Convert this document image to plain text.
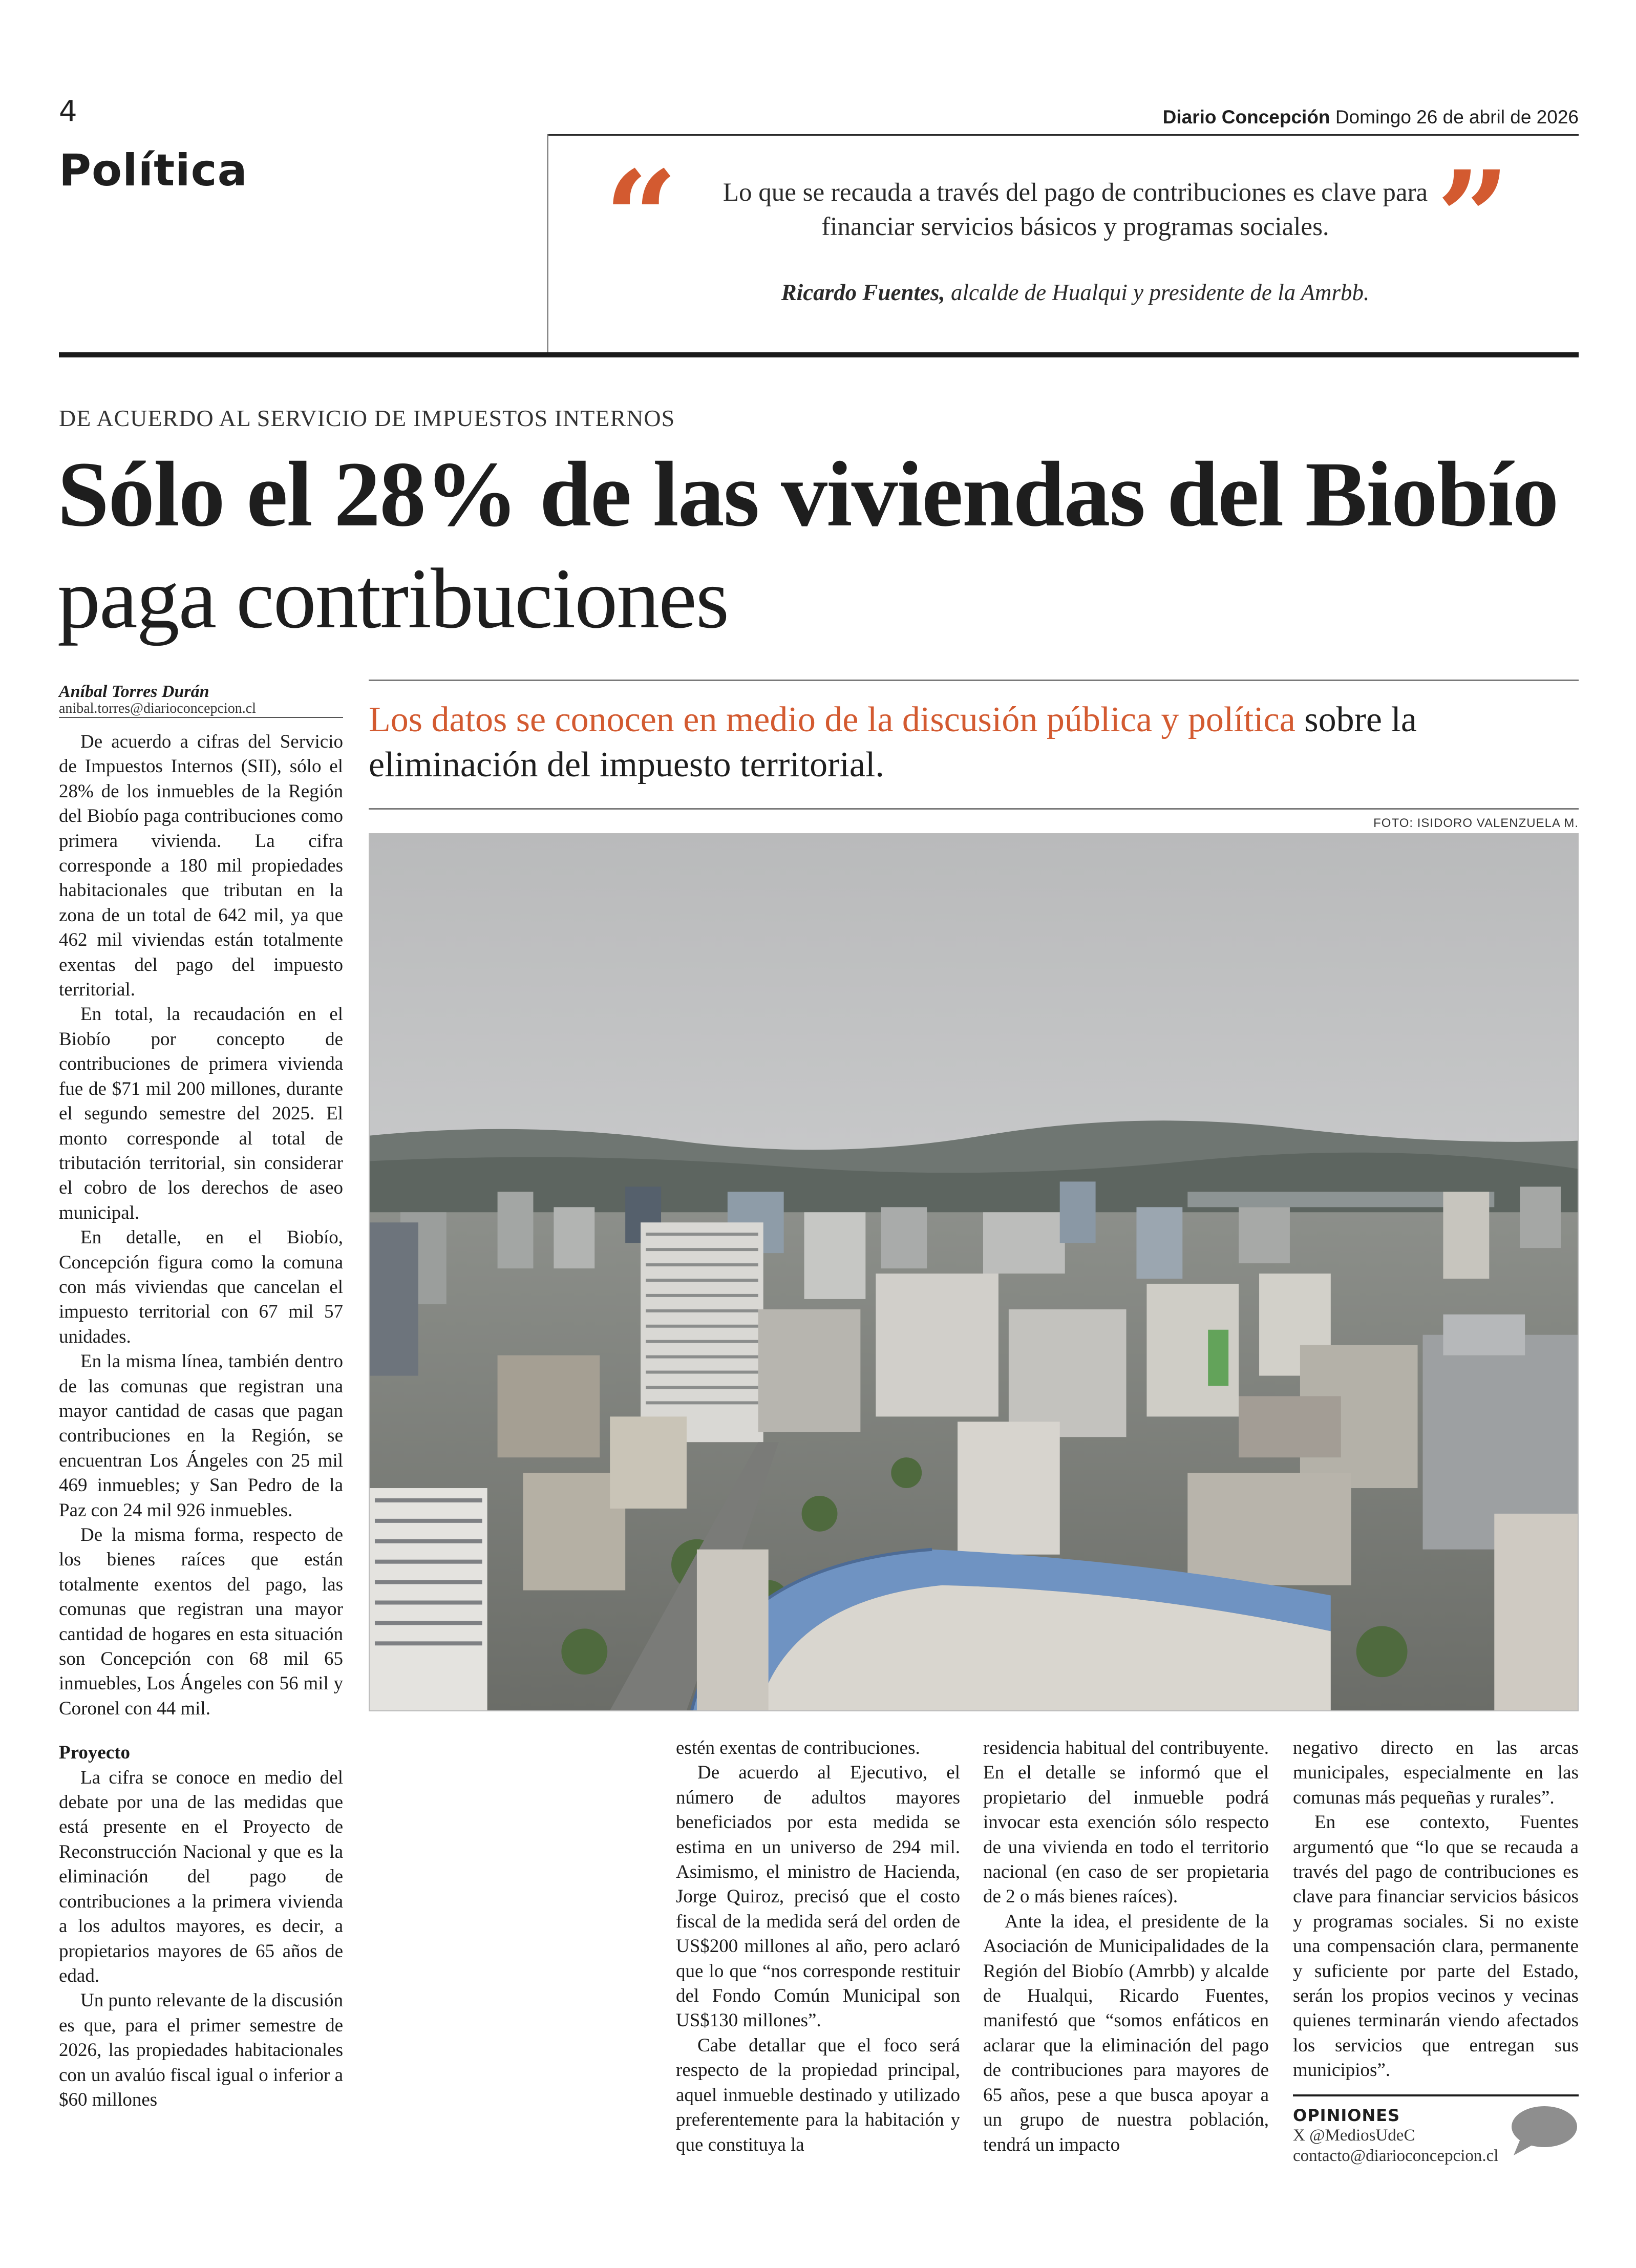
4	Diario Concepción Domingo 26 de abril de 2026
Política	“	”
Lo que se recauda a través del pago de contribuciones es clave para financiar servicios básicos y programas sociales.
Ricardo Fuentes, alcalde de Hualqui y presidente de la Amrbb.
DE ACUERDO AL SERVICIO DE IMPUESTOS INTERNOS
Sólo el 28% de las viviendas del Biobío
paga contribuciones
Aníbal Torres Durán
anibal.torres@diarioconcepcion.cl	Los datos se conocen en medio de la discusión pública y política sobre la eliminación del impuesto territorial.
FOTO: ISIDORO VALENZUELA M.

De acuerdo a cifras del Servicio de Impuestos Internos (SII), sólo el 28% de los inmuebles de la Región del Biobío paga contribuciones como primera vivienda. La cifra corresponde a 180 mil propiedades habitacionales que tributan en la zona de un total de 642 mil, ya que 462 mil viviendas están totalmente exentas del pago del impuesto territorial.

En total, la recaudación en el Biobío por concepto de contribuciones de primera vivienda fue de $71 mil 200 millones, durante el segundo semestre del 2025. El monto corresponde al total de tributación territorial, sin considerar el cobro de los derechos de aseo municipal.

En detalle, en el Biobío, Concepción figura como la comuna con más viviendas que cancelan el impuesto territorial con 67 mil 57 unidades.

En la misma línea, también dentro de las comunas que registran una mayor cantidad de casas que pagan contribuciones en la Región, se encuentran Los Ángeles con 25 mil 469 inmuebles; y San Pedro de la Paz con 24 mil 926 inmuebles.

De la misma forma, respecto de los bienes raíces que están totalmente exentos del pago, las comunas que registran una mayor cantidad de hogares en esta situación son Concepción con 68 mil 65 inmuebles, Los Ángeles con 56 mil y Coronel con 44 mil.

Proyecto

La cifra se conoce en medio del debate por una de las medidas que está presente en el Proyecto de Reconstrucción Nacional y que es la eliminación del pago de contribuciones a la primera vivienda a los adultos mayores, es decir, a propietarios mayores de 65 años de edad.

Un punto relevante de la discusión es que, para el primer semestre de 2026, las propiedades habitacionales con un avalúo fiscal igual o inferior a $60 millones

estén exentas de contribuciones.

De acuerdo al Ejecutivo, el número de adultos mayores beneficiados por esta medida se estima en un universo de 294 mil. Asimismo, el ministro de Hacienda, Jorge Quiroz, precisó que el costo fiscal de la medida será del orden de US$200 millones al año, pero aclaró que lo que “nos corresponde restituir del Fondo Común Municipal son US$130 millones”.

Cabe detallar que el foco será respecto de la propiedad principal, aquel inmueble destinado y utilizado preferentemente para la habitación y que constituya la

residencia habitual del contribuyente. En el detalle se informó que el propietario del inmueble podrá invocar esta exención sólo respecto de una vivienda en todo el territorio nacional (en caso de ser propietaria de 2 o más bienes raíces).

Ante la idea, el presidente de la Asociación de Municipalidades de la Región del Biobío (Amrbb) y alcalde de Hualqui, Ricardo Fuentes, manifestó que “somos enfáticos en aclarar que la eliminación del pago de contribuciones para mayores de 65 años, pese a que busca apoyar a un grupo de nuestra población, tendrá un impacto

negativo directo en las arcas municipales, especialmente en las comunas más pequeñas y rurales”.

En ese contexto, Fuentes argumentó que “lo que se recauda a través del pago de contribuciones es clave para financiar servicios básicos y programas sociales. Si no existe una compensación clara, permanente y suficiente por parte del Estado, serán los propios vecinos y vecinas quienes terminarán viendo afectados los servicios que entregan sus municipios”.

OPINIONES
X @MediosUdeC
contacto@diarioconcepcion.cl
